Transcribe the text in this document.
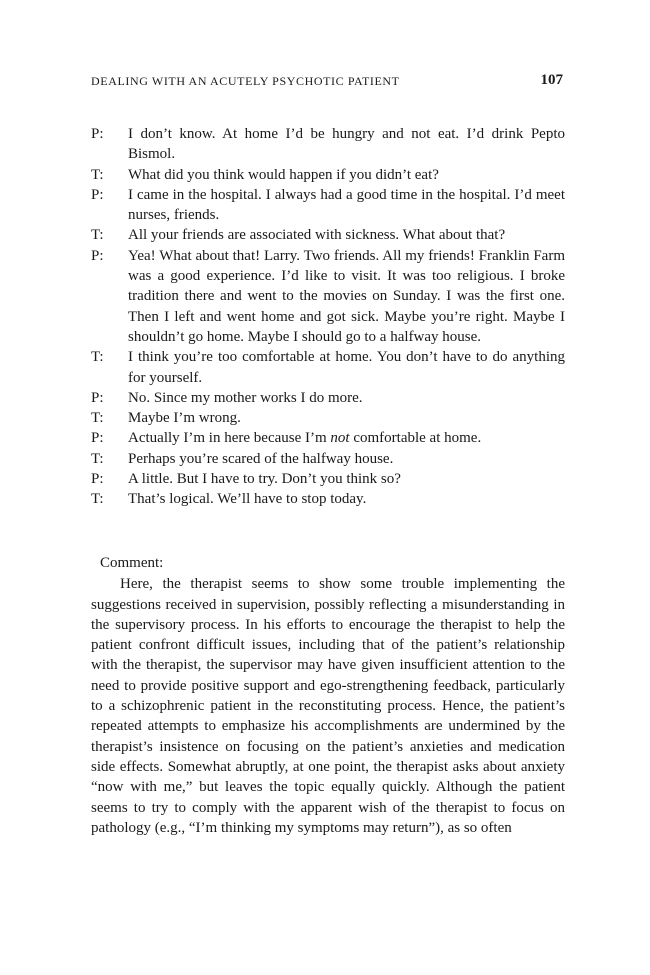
DEALING WITH AN ACUTELY PSYCHOTIC PATIENT	107
P:	I don’t know. At home I’d be hungry and not eat. I’d drink Pepto Bismol.
T:	What did you think would happen if you didn’t eat?
P:	I came in the hospital. I always had a good time in the hospital. I’d meet nurses, friends.
T:	All your friends are associated with sickness. What about that?
P:	Yea! What about that! Larry. Two friends. All my friends! Franklin Farm was a good experience. I’d like to visit. It was too religious. I broke tradition there and went to the movies on Sunday. I was the first one. Then I left and went home and got sick. Maybe you’re right. Maybe I shouldn’t go home. Maybe I should go to a halfway house.
T:	I think you’re too comfortable at home. You don’t have to do anything for yourself.
P:	No. Since my mother works I do more.
T:	Maybe I’m wrong.
P:	Actually I’m in here because I’m not comfortable at home.
T:	Perhaps you’re scared of the halfway house.
P:	A little. But I have to try. Don’t you think so?
T:	That’s logical. We’ll have to stop today.
Comment:
Here, the therapist seems to show some trouble implementing the suggestions received in supervision, possibly reflecting a misunderstanding in the supervisory process. In his efforts to encourage the therapist to help the patient confront difficult issues, including that of the patient’s relationship with the therapist, the supervisor may have given insufficient attention to the need to provide positive support and ego-strengthening feedback, particularly to a schizophrenic patient in the reconstituting process. Hence, the patient’s repeated attempts to emphasize his accomplishments are undermined by the therapist’s insistence on focusing on the patient’s anxieties and medication side effects. Somewhat abruptly, at one point, the therapist asks about anxiety “now with me,” but leaves the topic equally quickly. Although the patient seems to try to comply with the apparent wish of the therapist to focus on pathology (e.g., “I’m thinking my symptoms may return”), as so often
